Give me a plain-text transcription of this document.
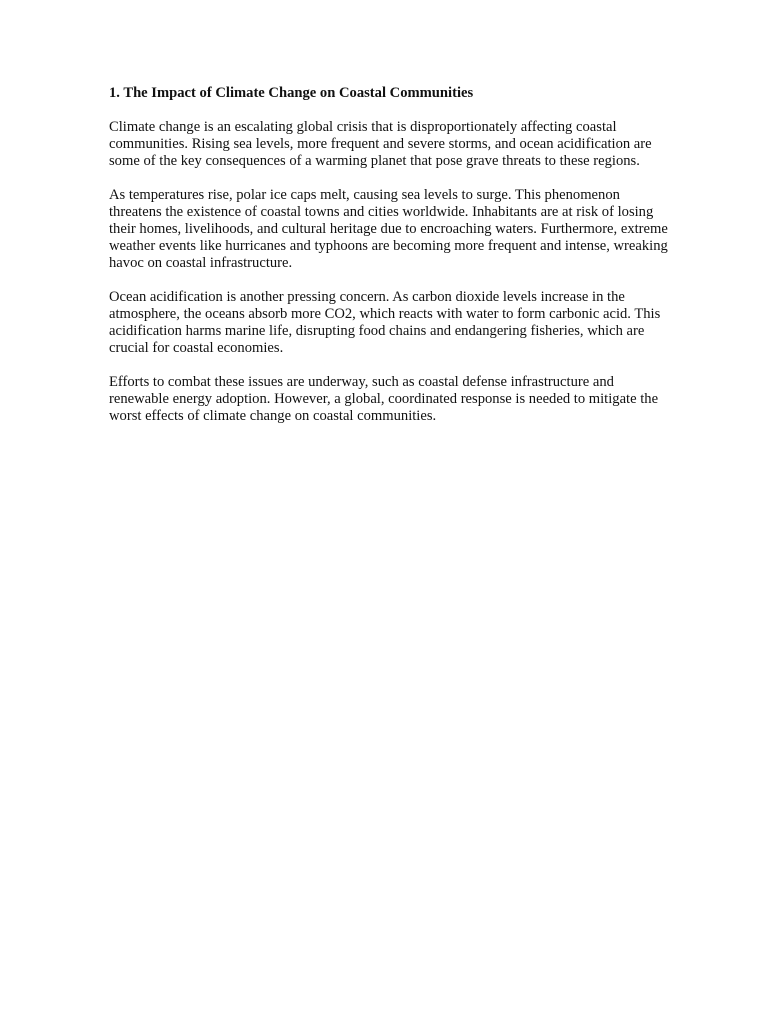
1. The Impact of Climate Change on Coastal Communities

Climate change is an escalating global crisis that is disproportionately affecting coastal communities. Rising sea levels, more frequent and severe storms, and ocean acidification are some of the key consequences of a warming planet that pose grave threats to these regions.

As temperatures rise, polar ice caps melt, causing sea levels to surge. This phenomenon threatens the existence of coastal towns and cities worldwide. Inhabitants are at risk of losing their homes, livelihoods, and cultural heritage due to encroaching waters. Furthermore, extreme weather events like hurricanes and typhoons are becoming more frequent and intense, wreaking havoc on coastal infrastructure.

Ocean acidification is another pressing concern. As carbon dioxide levels increase in the atmosphere, the oceans absorb more CO2, which reacts with water to form carbonic acid. This acidification harms marine life, disrupting food chains and endangering fisheries, which are crucial for coastal economies.

Efforts to combat these issues are underway, such as coastal defense infrastructure and renewable energy adoption. However, a global, coordinated response is needed to mitigate the worst effects of climate change on coastal communities.
